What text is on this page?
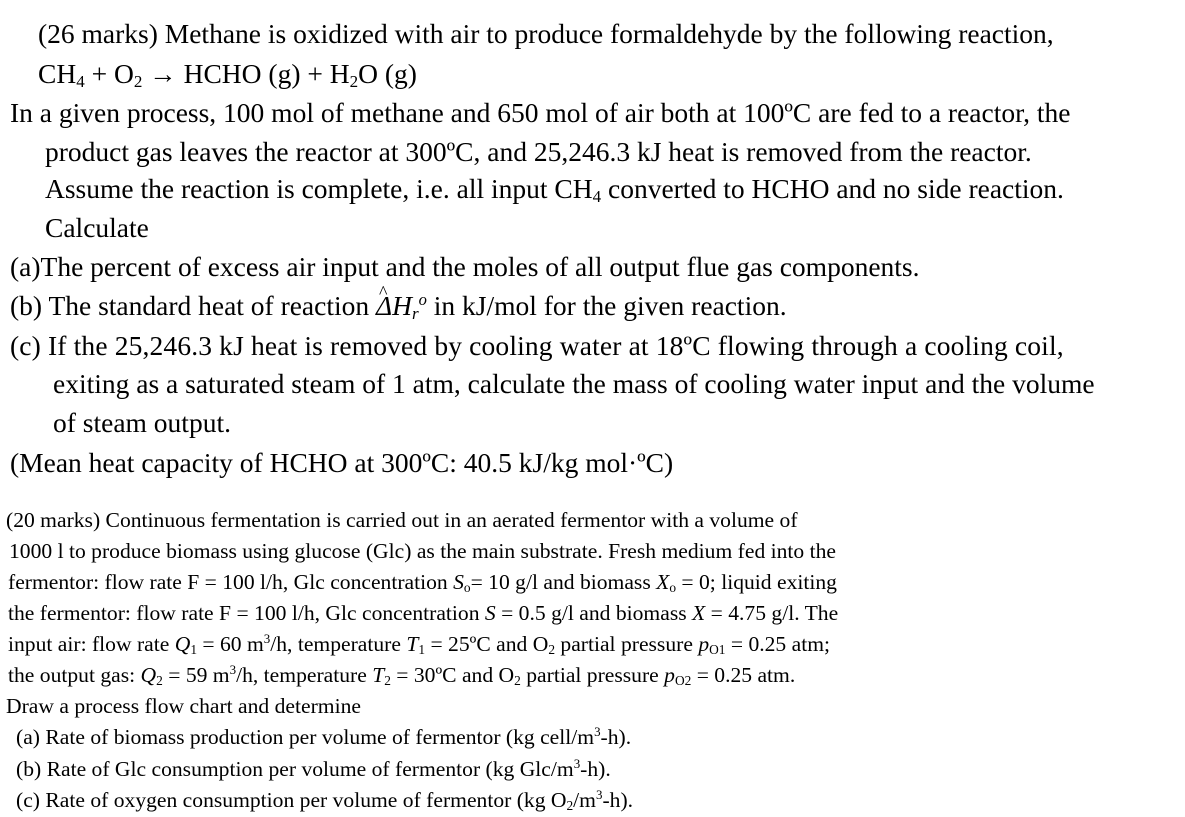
(26 marks) Methane is oxidized with air to produce formaldehyde by the following reaction,
$CH_4 + O_2$ → HCHO $(g) + H_2O$ (g)
In a given process, 100 mol of methane and 650 mol of air both at 100ºC are fed to a reactor, the
product gas leaves the reactor at 300ºC, and 25,246.3 kJ heat is removed from the reactor.
Assume the reaction is complete, i.e. all input $CH_4$ converted to HCHO and no side reaction.
Calculate
(a)The percent of excess air input and the moles of all output flue gas components.
(b) The standard heat of reaction ^ $\Delta H_r^o$ in kJ/mol for the given reaction.
(c) If the 25,246.3 kJ heat is removed by cooling water at 18ºC flowing through a cooling coil,
exiting as a saturated steam of 1 atm, calculate the mass of cooling water input and the volume
of steam output.
(Mean heat capacity of HCHO at 300ºC: 40.5 kJ/kg mol·ºC)
(20 marks) Continuous fermentation is carried out in an aerated fermentor with a volume of
1000 l to produce biomass using glucose (Glc) as the main substrate. Fresh medium fed into the
fermentor: flow rate F = 100 l/h, Glc concentration $S_o= 10$ g/l and biomass $X_o = 0$; liquid exiting
the fermentor: flow rate F = 100 l/h, Glc concentration S = 0.5 g/l and biomass X = 4.75 g/l. The
input air: flow rate $Q_1 = 60$ $m^3/h$, temperature $T_1$ = 25ºC and $O_2$ partial pressure $p_{O1} = 0.25$ atm;
the output gas: $Q_2 = 59$ $m^3/h$, temperature $T_2$ = 30ºC and $O_2$ partial pressure $p_{O2} = 0.25$ atm.
Draw a process flow chart and determine
(a) Rate of biomass production per volume of fermentor (kg cell/$m^3-h$).
(b) Rate of Glc consumption per volume of fermentor (kg Glc/$m^3-h$).
(c) Rate of oxygen consumption per volume of fermentor (kg $O_2/m^3-h$).
